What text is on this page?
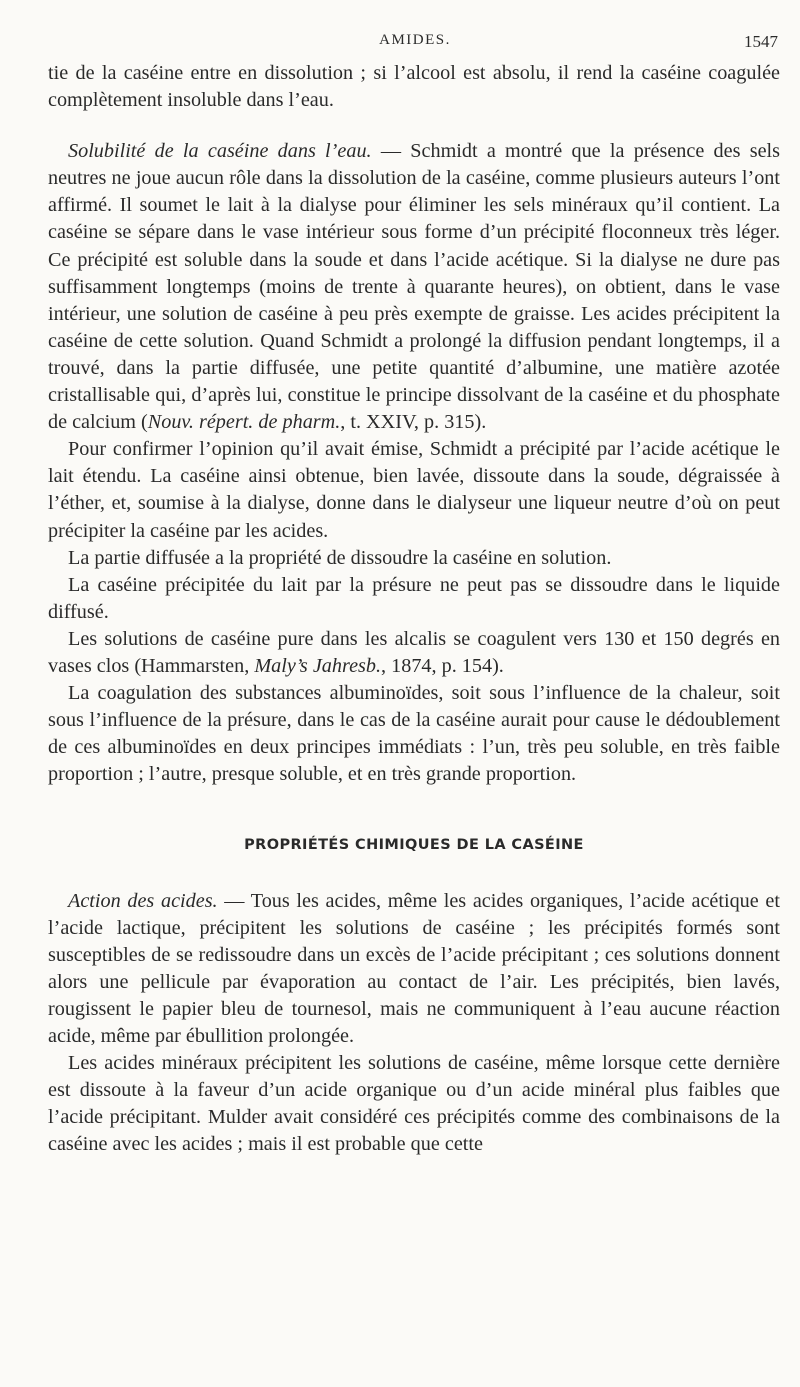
AMIDES.	1547

tie de la caséine entre en dissolution ; si l’alcool est absolu, il rend la caséine coagulée complètement insoluble dans l’eau.

Solubilité de la caséine dans l’eau. — Schmidt a montré que la présence des sels neutres ne joue aucun rôle dans la dissolution de la caséine, comme plusieurs auteurs l’ont affirmé. Il soumet le lait à la dialyse pour éliminer les sels minéraux qu’il contient. La caséine se sépare dans le vase intérieur sous forme d’un précipité floconneux très léger. Ce précipité est soluble dans la soude et dans l’acide acétique. Si la dialyse ne dure pas suffisamment longtemps (moins de trente à quarante heures), on obtient, dans le vase intérieur, une solution de caséine à peu près exempte de graisse. Les acides précipitent la caséine de cette solution. Quand Schmidt a prolongé la diffusion pendant longtemps, il a trouvé, dans la partie diffusée, une petite quantité d’albumine, une matière azotée cristallisable qui, d’après lui, constitue le principe dissolvant de la caséine et du phosphate de calcium (Nouv. répert. de pharm., t. XXIV, p. 315).

Pour confirmer l’opinion qu’il avait émise, Schmidt a précipité par l’acide acétique le lait étendu. La caséine ainsi obtenue, bien lavée, dissoute dans la soude, dégraissée à l’éther, et, soumise à la dialyse, donne dans le dialyseur une liqueur neutre d’où on peut précipiter la caséine par les acides.

La partie diffusée a la propriété de dissoudre la caséine en solution.

La caséine précipitée du lait par la présure ne peut pas se dissoudre dans le liquide diffusé.

Les solutions de caséine pure dans les alcalis se coagulent vers 130 et 150 degrés en vases clos (Hammarsten, Maly’s Jahresb., 1874, p. 154).

La coagulation des substances albuminoïdes, soit sous l’influence de la chaleur, soit sous l’influence de la présure, dans le cas de la caséine aurait pour cause le dédoublement de ces albuminoïdes en deux principes immédiats : l’un, très peu soluble, en très faible proportion ; l’autre, presque soluble, et en très grande proportion.

PROPRIÉTÉS CHIMIQUES DE LA CASÉINE

Action des acides. — Tous les acides, même les acides organiques, l’acide acétique et l’acide lactique, précipitent les solutions de caséine ; les précipités formés sont susceptibles de se redissoudre dans un excès de l’acide précipitant ; ces solutions donnent alors une pellicule par évaporation au contact de l’air. Les précipités, bien lavés, rougissent le papier bleu de tournesol, mais ne communiquent à l’eau aucune réaction acide, même par ébullition prolongée.

Les acides minéraux précipitent les solutions de caséine, même lorsque cette dernière est dissoute à la faveur d’un acide organique ou d’un acide minéral plus faibles que l’acide précipitant. Mulder avait considéré ces précipités comme des combinaisons de la caséine avec les acides ; mais il est probable que cette
